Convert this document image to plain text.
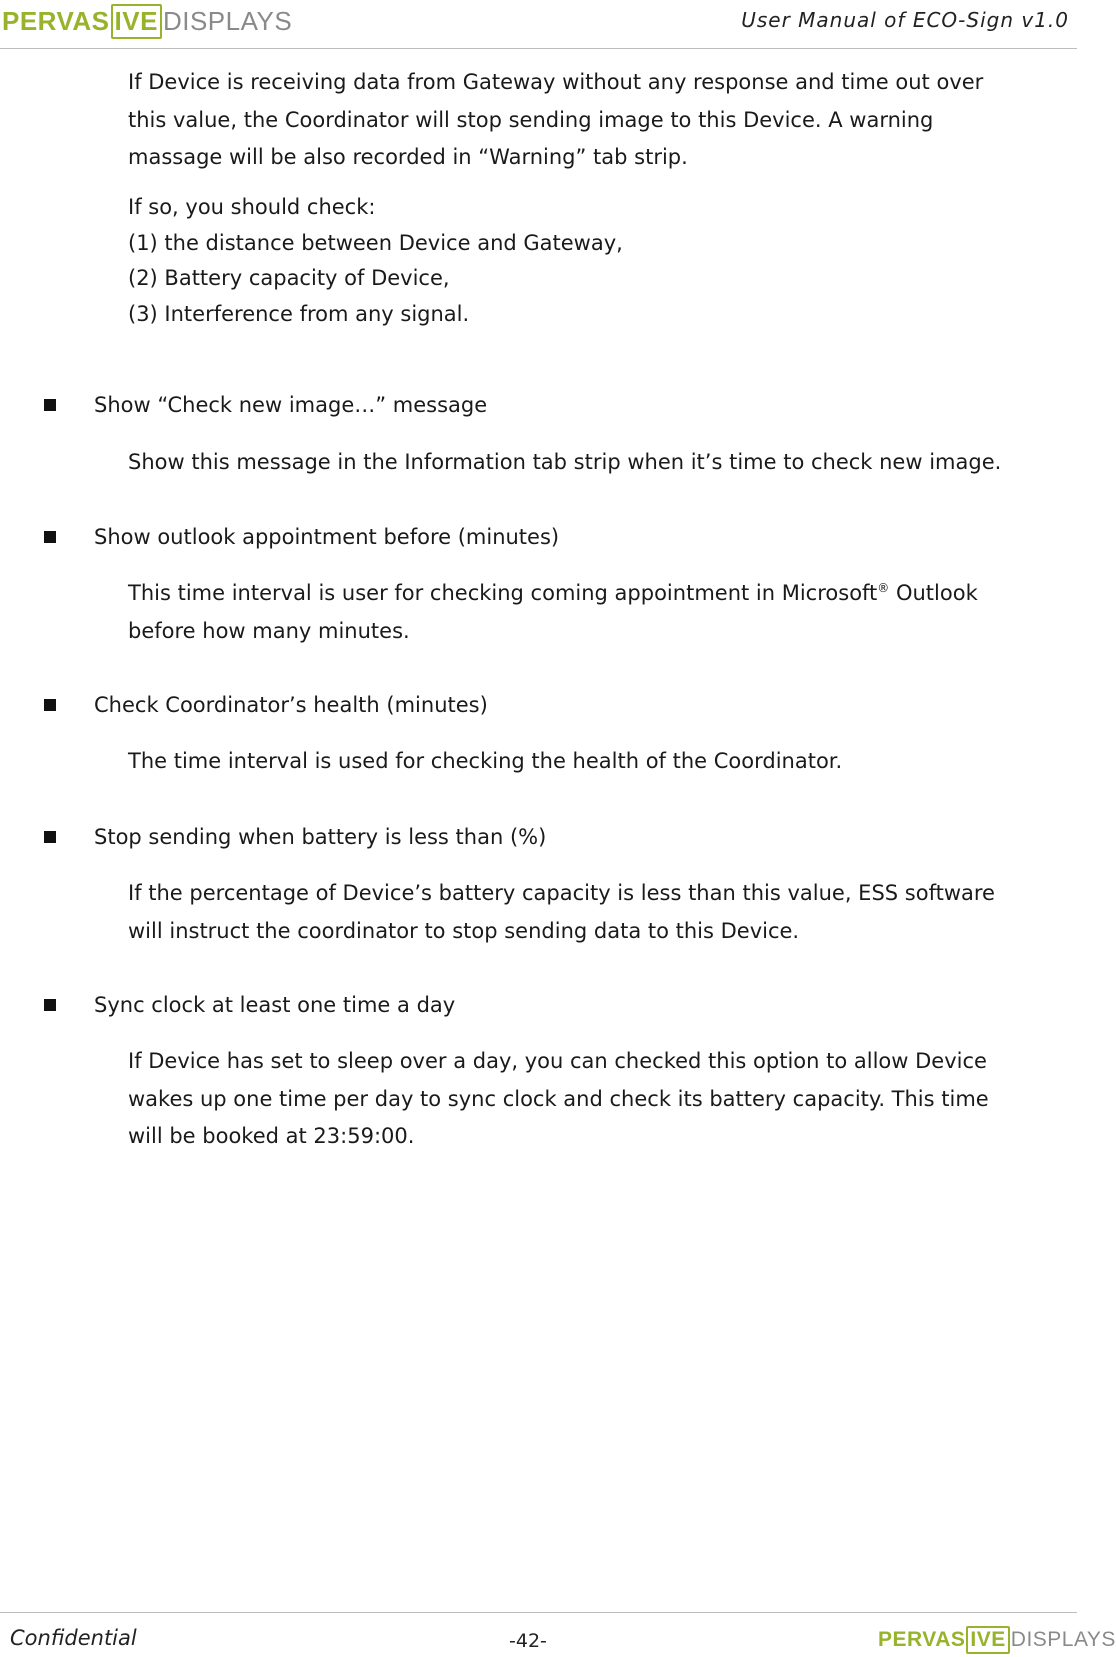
PERVAS IVE D ISPLAYS	User Manual of ECO-Sign v1.0
If Device is receiving data from Gateway without any response and time out over
this value, the Coordinator will stop sending image to this Device. A warning
massage will be also recorded in “Warning” tab strip.
If so, you should check:
(1) the distance between Device and Gateway,
(2) Battery capacity of Device,
(3) Interference from any signal.
Show “Check new image…” message
Show this message in the Information tab strip when it’s time to check new image.
Show outlook appointment before (minutes)
This time interval is user for checking coming appointment in Microsoft® Outlook
before how many minutes.
Check Coordinator’s health (minutes)
The time interval is used for checking the health of the Coordinator.
Stop sending when battery is less than (%)
If the percentage of Device’s battery capacity is less than this value, ESS software
will instruct the coordinator to stop sending data to this Device.
Sync clock at least one time a day
If Device has set to sleep over a day, you can checked this option to allow Device
wakes up one time per day to sync clock and check its battery capacity. This time
will be booked at 23:59:00.
Confidential	-42-	PERVAS IVE D ISPLAYS
